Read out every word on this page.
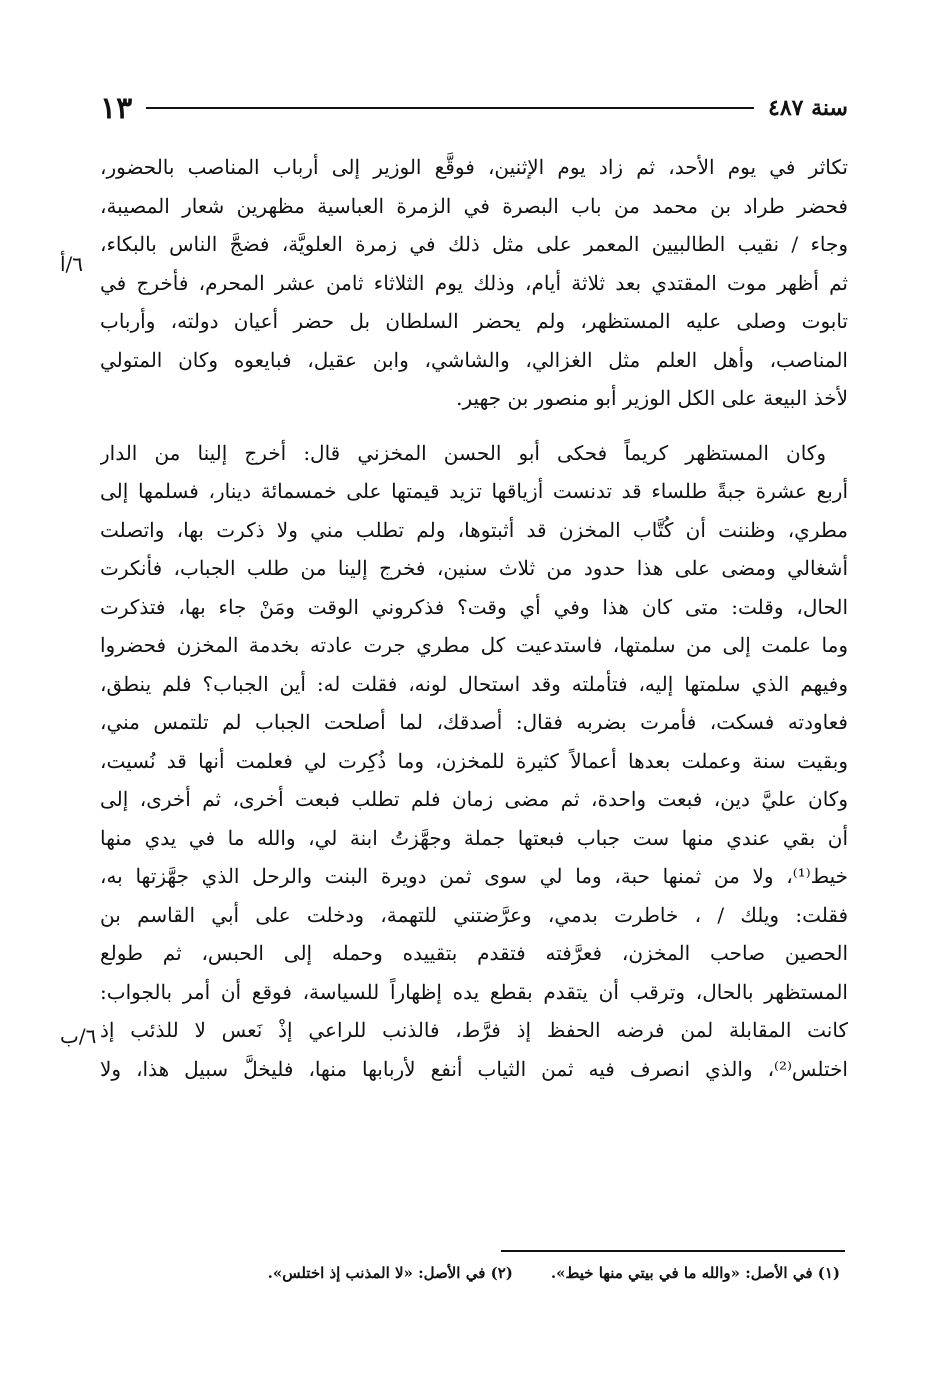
سنة ٤٨٧
١٣
٦/أ
٦/ب
تكاثر في يوم الأحد، ثم زاد يوم الإثنين، فوقَّع الوزير إلى أرباب المناصب بالحضور،
فحضر طراد بن محمد من باب البصرة في الزمرة العباسية مظهرين شعار المصيبة،
وجاء / نقيب الطالبيين المعمر على مثل ذلك في زمرة العلويَّة، فضجَّ الناس بالبكاء،
ثم أظهر موت المقتدي بعد ثلاثة أيام، وذلك يوم الثلاثاء ثامن عشر المحرم، فأخرج في
تابوت وصلى عليه المستظهر، ولم يحضر السلطان بل حضر أعيان دولته، وأرباب
المناصب، وأهل العلم مثل الغزالي، والشاشي، وابن عقيل، فبايعوه وكان المتولي
لأخذ البيعة على الكل الوزير أبو منصور بن جهير.
وكان المستظهر كريماً فحكى أبو الحسن المخزني قال: أخرج إلينا من الدار
أربع عشرة جبةً طلساء قد تدنست أزياقها تزيد قيمتها على خمسمائة دينار، فسلمها إلى
مطري، وظننت أن كُتَّاب المخزن قد أثبتوها، ولم تطلب مني ولا ذكرت بها، واتصلت
أشغالي ومضى على هذا حدود من ثلاث سنين، فخرج إلينا من طلب الجباب، فأنكرت
الحال، وقلت: متى كان هذا وفي أي وقت؟ فذكروني الوقت ومَنْ جاء بها، فتذكرت
وما علمت إلى من سلمتها، فاستدعيت كل مطري جرت عادته بخدمة المخزن فحضروا
وفيهم الذي سلمتها إليه، فتأملته وقد استحال لونه، فقلت له: أين الجباب؟ فلم ينطق،
فعاودته فسكت، فأمرت بضربه فقال: أصدقك، لما أصلحت الجباب لم تلتمس مني،
وبقيت سنة وعملت بعدها أعمالاً كثيرة للمخزن، وما ذُكِرت لي فعلمت أنها قد نُسيت،
وكان عليَّ دين، فبعت واحدة، ثم مضى زمان فلم تطلب فبعت أخرى، ثم أخرى، إلى
أن بقي عندي منها ست جباب فبعتها جملة وجهَّزتُ ابنة لي، والله ما في يدي منها
خيط⁽¹⁾، ولا من ثمنها حبة، وما لي سوى ثمن دويرة البنت والرحل الذي جهَّزتها به،
فقلت: ويلك / ، خاطرت بدمي، وعرَّضتني للتهمة، ودخلت على أبي القاسم بن
الحصين صاحب المخزن، فعرَّفته فتقدم بتقييده وحمله إلى الحبس، ثم طولع
المستظهر بالحال، وترقب أن يتقدم بقطع يده إظهاراً للسياسة، فوقع أن أمر بالجواب:
كانت المقابلة لمن فرضه الحفظ إذ فرَّط، فالذنب للراعي إذْ نَعس لا للذئب إذ
اختلس⁽²⁾، والذي انصرف فيه ثمن الثياب أنفع لأربابها منها، فليخلَّ سبيل هذا، ولا
(١) في الأصل: «والله ما في بيتي منها خيط».
(٢) في الأصل: «لا المذنب إذ اختلس».
